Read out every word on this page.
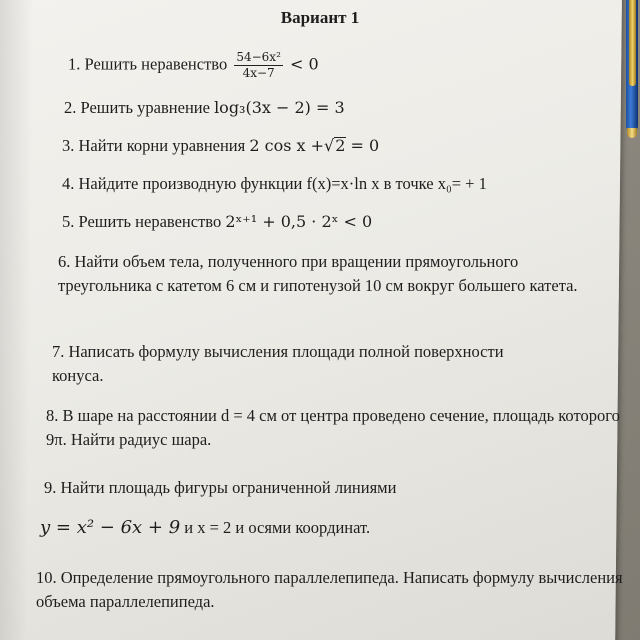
Вариант 1
1. Решить неравенство $\frac{\text{54−6x²}}{4x-7} < 0$
2. Решить уравнение log₃(3x − 2) = 3
3. Найти корни уравнения 2 cos x +√2 = 0
4. Найдите производную функции f(x)=x·ln x в точке x₀= + 1
5. Решить неравенство 2ˣ⁺¹ + 0,5 · 2ˣ < 0
6. Найти объем тела, полученного при вращении прямоугольного треугольника с катетом 6 см и гипотенузой 10 см вокруг большего катета.
7. Написать формулу вычисления площади полной поверхности конуса.
8. В шаре на расстоянии d = 4 см от центра проведено сечение, площадь которого 9π. Найти радиус шара.
9. Найти площадь фигуры ограниченной линиями
y = x² − 6x + 9 и x = 2 и осями координат.
10. Определение прямоугольного параллелепипеда. Написать формулу вычисления объема параллелепипеда.
